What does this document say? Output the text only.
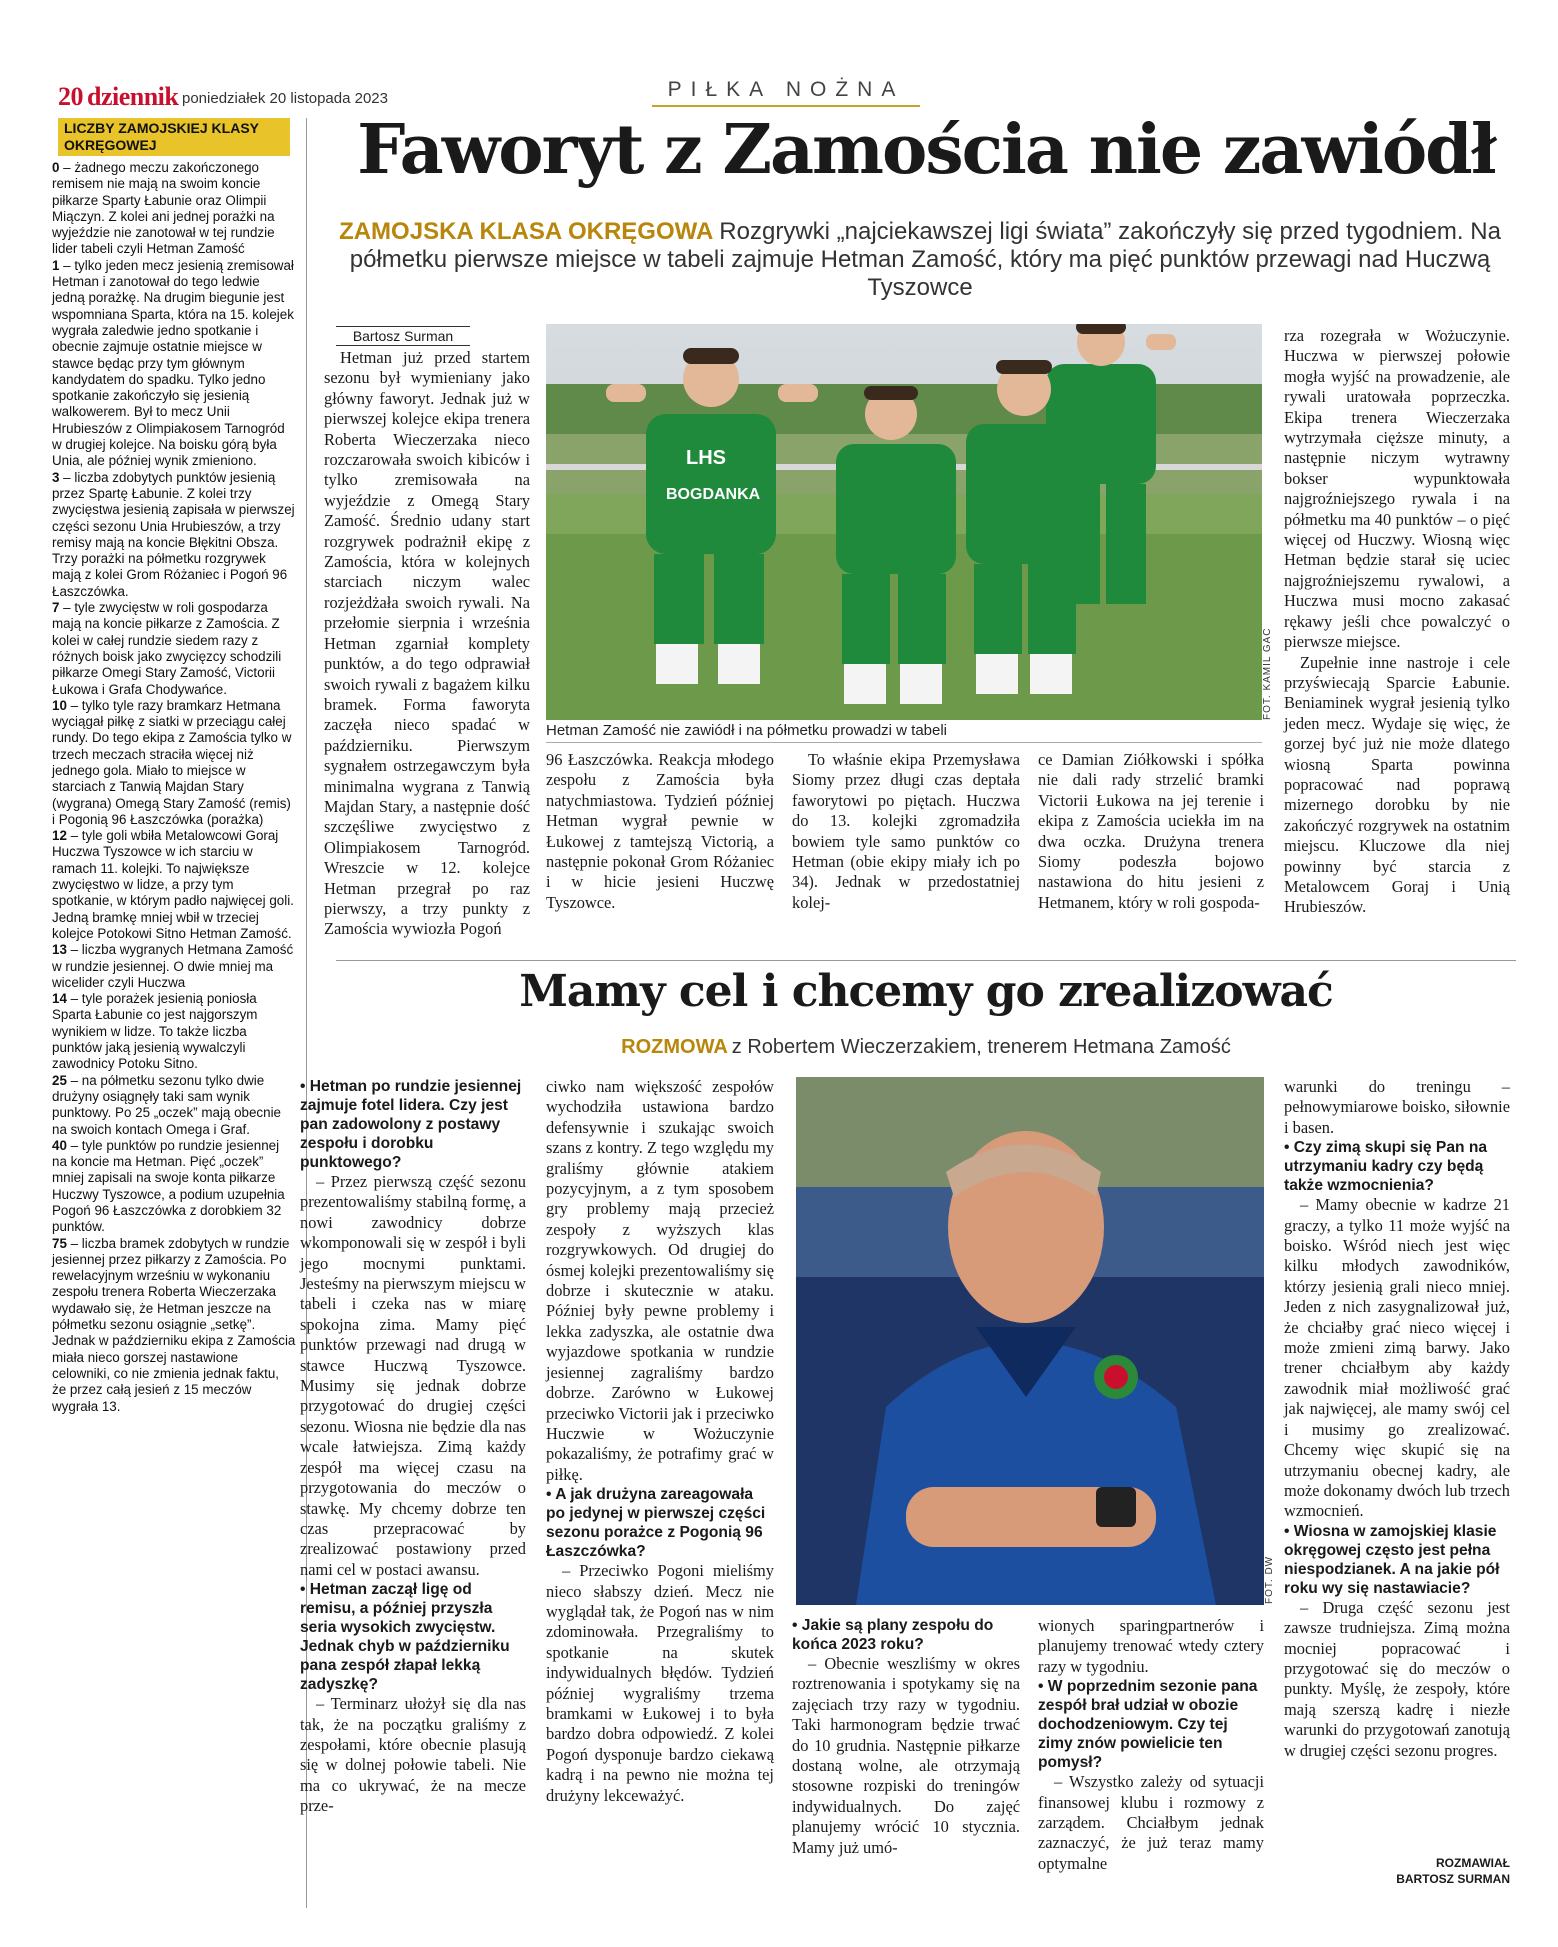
20 dziennik poniedziałek 20 listopada 2023	PIŁKA NOŻNA
LICZBY ZAMOJSKIEJ KLASY OKRĘGOWEJ
0 – żadnego meczu zakończonego remisem nie mają na swoim koncie piłkarze Sparty Łabunie oraz Olimpii Miączyn. Z kolei ani jednej porażki na wyjeździe nie zanotował w tej rundzie lider tabeli czyli Hetman Zamość
1 – tylko jeden mecz jesienią zremisował Hetman i zanotował do tego ledwie jedną porażkę. Na drugim biegunie jest wspomniana Sparta, która na 15. kolejek wygrała zaledwie jedno spotkanie i obecnie zajmuje ostatnie miejsce w stawce będąc przy tym głównym kandydatem do spadku. Tylko jedno spotkanie zakończyło się jesienią walkowerem. Był to mecz Unii Hrubieszów z Olimpiakosem Tarnogród w drugiej kolejce. Na boisku górą była Unia, ale później wynik zmieniono.
3 – liczba zdobytych punktów jesienią przez Spartę Łabunie. Z kolei trzy zwycięstwa jesienią zapisała w pierwszej części sezonu Unia Hrubieszów, a trzy remisy mają na koncie Błękitni Obsza. Trzy porażki na półmetku rozgrywek mają z kolei Grom Różaniec i Pogoń 96 Łaszczówka.
7 – tyle zwycięstw w roli gospodarza mają na koncie piłkarze z Zamościa. Z kolei w całej rundzie siedem razy z różnych boisk jako zwycięzcy schodzili piłkarze Omegi Stary Zamość, Victorii Łukowa i Grafa Chodywańce.
10 – tylko tyle razy bramkarz Hetmana wyciągał piłkę z siatki w przeciągu całej rundy. Do tego ekipa z Zamościa tylko w trzech meczach straciła więcej niż jednego gola. Miało to miejsce w starciach z Tanwią Majdan Stary (wygrana) Omegą Stary Zamość (remis) i Pogonią 96 Łaszczówka (porażka)
12 – tyle goli wbiła Metalowcowi Goraj Huczwa Tyszowce w ich starciu w ramach 11. kolejki. To największe zwycięstwo w lidze, a przy tym spotkanie, w którym padło najwięcej goli. Jedną bramkę mniej wbił w trzeciej kolejce Potokowi Sitno Hetman Zamość.
13 – liczba wygranych Hetmana Zamość w rundzie jesiennej. O dwie mniej ma wicelider czyli Huczwa
14 – tyle porażek jesienią poniosła Sparta Łabunie co jest najgorszym wynikiem w lidze. To także liczba punktów jaką jesienią wywalczyli zawodnicy Potoku Sitno.
25 – na półmetku sezonu tylko dwie drużyny osiągnęły taki sam wynik punktowy. Po 25 „oczek” mają obecnie na swoich kontach Omega i Graf.
40 – tyle punktów po rundzie jesiennej na koncie ma Hetman. Pięć „oczek” mniej zapisali na swoje konta piłkarze Huczwy Tyszowce, a podium uzupełnia Pogoń 96 Łaszczówka z dorobkiem 32 punktów.
75 – liczba bramek zdobytych w rundzie jesiennej przez piłkarzy z Zamościa. Po rewelacyjnym wrześniu w wykonaniu zespołu trenera Roberta Wieczerzaka wydawało się, że Hetman jeszcze na półmetku sezonu osiągnie „setkę”. Jednak w październiku ekipa z Zamościa miała nieco gorszej nastawione celowniki, co nie zmienia jednak faktu, że przez całą jesień z 15 meczów wygrała 13.
Faworyt z Zamościa nie zawiódł
ZAMOJSKA KLASA OKRĘGOWA Rozgrywki „najciekawszej ligi świata” zakończyły się przed tygodniem. Na półmetku pierwsze miejsce w tabeli zajmuje Hetman Zamość, który ma pięć punktów przewagi nad Huczwą Tyszowce
Bartosz Surman

Hetman już przed startem sezonu był wymieniany jako główny faworyt. Jednak już w pierwszej kolejce ekipa trenera Roberta Wieczerzaka nieco rozczarowała swoich kibiców i tylko zremisowała na wyjeździe z Omegą Stary Zamość. Średnio udany start rozgrywek podrażnił ekipę z Zamościa, która w kolejnych starciach niczym walec rozjeżdżała swoich rywali. Na przełomie sierpnia i września Hetman zgarniał komplety punktów, a do tego odprawiał swoich rywali z bagażem kilku bramek. Forma faworyta zaczęła nieco spadać w październiku. Pierwszym sygnałem ostrzegawczym była minimalna wygrana z Tanwią Majdan Stary, a następnie dość szczęśliwe zwycięstwo z Olimpiakosem Tarnogród. Wreszcie w 12. kolejce Hetman przegrał po raz pierwszy, a trzy punkty z Zamościa wywiozła Pogoń

LHS
BOGDANKA
FOT. KAMIL GAC
Hetman Zamość nie zawiódł i na półmetku prowadzi w tabeli

96 Łaszczówka. Reakcja młodego zespołu z Zamościa była natychmiastowa. Tydzień później Hetman wygrał pewnie w Łukowej z tamtejszą Victorią, a następnie pokonał Grom Różaniec i w hicie jesieni Huczwę Tyszowce.

To właśnie ekipa Przemysława Siomy przez długi czas deptała faworytowi po piętach. Huczwa do 13. kolejki zgromadziła bowiem tyle samo punktów co Hetman (obie ekipy miały ich po 34). Jednak w przedostatniej kolej-

ce Damian Ziółkowski i spółka nie dali rady strzelić bramki Victorii Łukowa na jej terenie i ekipa z Zamościa uciekła im na dwa oczka. Drużyna trenera Siomy podeszła bojowo nastawiona do hitu jesieni z Hetmanem, który w roli gospoda-

rza rozegrała w Wożuczynie. Huczwa w pierwszej połowie mogła wyjść na prowadzenie, ale rywali uratowała poprzeczka. Ekipa trenera Wieczerzaka wytrzymała cięższe minuty, a następnie niczym wytrawny bokser wypunktowała najgroźniejszego rywala i na półmetku ma 40 punktów – o pięć więcej od Huczwy. Wiosną więc Hetman będzie starał się uciec najgroźniejszemu rywalowi, a Huczwa musi mocno zakasać rękawy jeśli chce powalczyć o pierwsze miejsce.

Zupełnie inne nastroje i cele przyświecają Sparcie Łabunie. Beniaminek wygrał jesienią tylko jeden mecz. Wydaje się więc, że gorzej być już nie może dlatego wiosną Sparta powinna popracować nad poprawą mizernego dorobku by nie zakończyć rozgrywek na ostatnim miejscu. Kluczowe dla niej powinny być starcia z Metalowcem Goraj i Unią Hrubieszów.

Mamy cel i chcemy go zrealizować
ROZMOWA z Robertem Wieczerzakiem, trenerem Hetmana Zamość
• Hetman po rundzie jesiennej zajmuje fotel lidera. Czy jest pan zadowolony z postawy zespołu i dorobku punktowego?

– Przez pierwszą część sezonu prezentowaliśmy stabilną formę, a nowi zawodnicy dobrze wkomponowali się w zespół i byli jego mocnymi punktami. Jesteśmy na pierwszym miejscu w tabeli i czeka nas w miarę spokojna zima. Mamy pięć punktów przewagi nad drugą w stawce Huczwą Tyszowce. Musimy się jednak dobrze przygotować do drugiej części sezonu. Wiosna nie będzie dla nas wcale łatwiejsza. Zimą każdy zespół ma więcej czasu na przygotowania do meczów o stawkę. My chcemy dobrze ten czas przepracować by zrealizować postawiony przed nami cel w postaci awansu.

• Hetman zaczął ligę od remisu, a później przyszła seria wysokich zwycięstw. Jednak chyb w październiku pana zespół złapał lekką zadyszkę?

– Terminarz ułożył się dla nas tak, że na początku graliśmy z zespołami, które obecnie plasują się w dolnej połowie tabeli. Nie ma co ukrywać, że na mecze prze-

ciwko nam większość zespołów wychodziła ustawiona bardzo defensywnie i szukając swoich szans z kontry. Z tego względu my graliśmy głównie atakiem pozycyjnym, a z tym sposobem gry problemy mają przecież zespoły z wyższych klas rozgrywkowych. Od drugiej do ósmej kolejki prezentowaliśmy się dobrze i skutecznie w ataku. Później były pewne problemy i lekka zadyszka, ale ostatnie dwa wyjazdowe spotkania w rundzie jesiennej zagraliśmy bardzo dobrze. Zarówno w Łukowej przeciwko Victorii jak i przeciwko Huczwie w Wożuczynie pokazaliśmy, że potrafimy grać w piłkę.

• A jak drużyna zareagowała po jedynej w pierwszej części sezonu porażce z Pogonią 96 Łaszczówka?

– Przeciwko Pogoni mieliśmy nieco słabszy dzień. Mecz nie wyglądał tak, że Pogoń nas w nim zdominowała. Przegraliśmy to spotkanie na skutek indywidualnych błędów. Tydzień później wygraliśmy trzema bramkami w Łukowej i to była bardzo dobra odpowiedź. Z kolei Pogoń dysponuje bardzo ciekawą kadrą i na pewno nie można tej drużyny lekceważyć.

FOT. DW
• Jakie są plany zespołu do końca 2023 roku?

– Obecnie weszliśmy w okres roztrenowania i spotykamy się na zajęciach trzy razy w tygodniu. Taki harmonogram będzie trwać do 10 grudnia. Następnie piłkarze dostaną wolne, ale otrzymają stosowne rozpiski do treningów indywidualnych. Do zajęć planujemy wrócić 10 stycznia. Mamy już umó-

wionych sparingpartnerów i planujemy trenować wtedy cztery razy w tygodniu.

• W poprzednim sezonie pana zespół brał udział w obozie dochodzeniowym. Czy tej zimy znów powielicie ten pomysł?

– Wszystko zależy od sytuacji finansowej klubu i rozmowy z zarządem. Chciałbym jednak zaznaczyć, że już teraz mamy optymalne

warunki do treningu – pełnowymiarowe boisko, siłownie i basen.

• Czy zimą skupi się Pan na utrzymaniu kadry czy będą także wzmocnienia?

– Mamy obecnie w kadrze 21 graczy, a tylko 11 może wyjść na boisko. Wśród niech jest więc kilku młodych zawodników, którzy jesienią grali nieco mniej. Jeden z nich zasygnalizował już, że chciałby grać nieco więcej i może zmieni zimą barwy. Jako trener chciałbym aby każdy zawodnik miał możliwość grać jak najwięcej, ale mamy swój cel i musimy go zrealizować. Chcemy więc skupić się na utrzymaniu obecnej kadry, ale może dokonamy dwóch lub trzech wzmocnień.

• Wiosna w zamojskiej klasie okręgowej często jest pełna niespodzianek. A na jakie pół roku wy się nastawiacie?

– Druga część sezonu jest zawsze trudniejsza. Zimą można mocniej popracować i przygotować się do meczów o punkty. Myślę, że zespoły, które mają szerszą kadrę i niezłe warunki do przygotowań zanotują w drugiej części sezonu progres.

ROZMAWIAŁ
BARTOSZ SURMAN
